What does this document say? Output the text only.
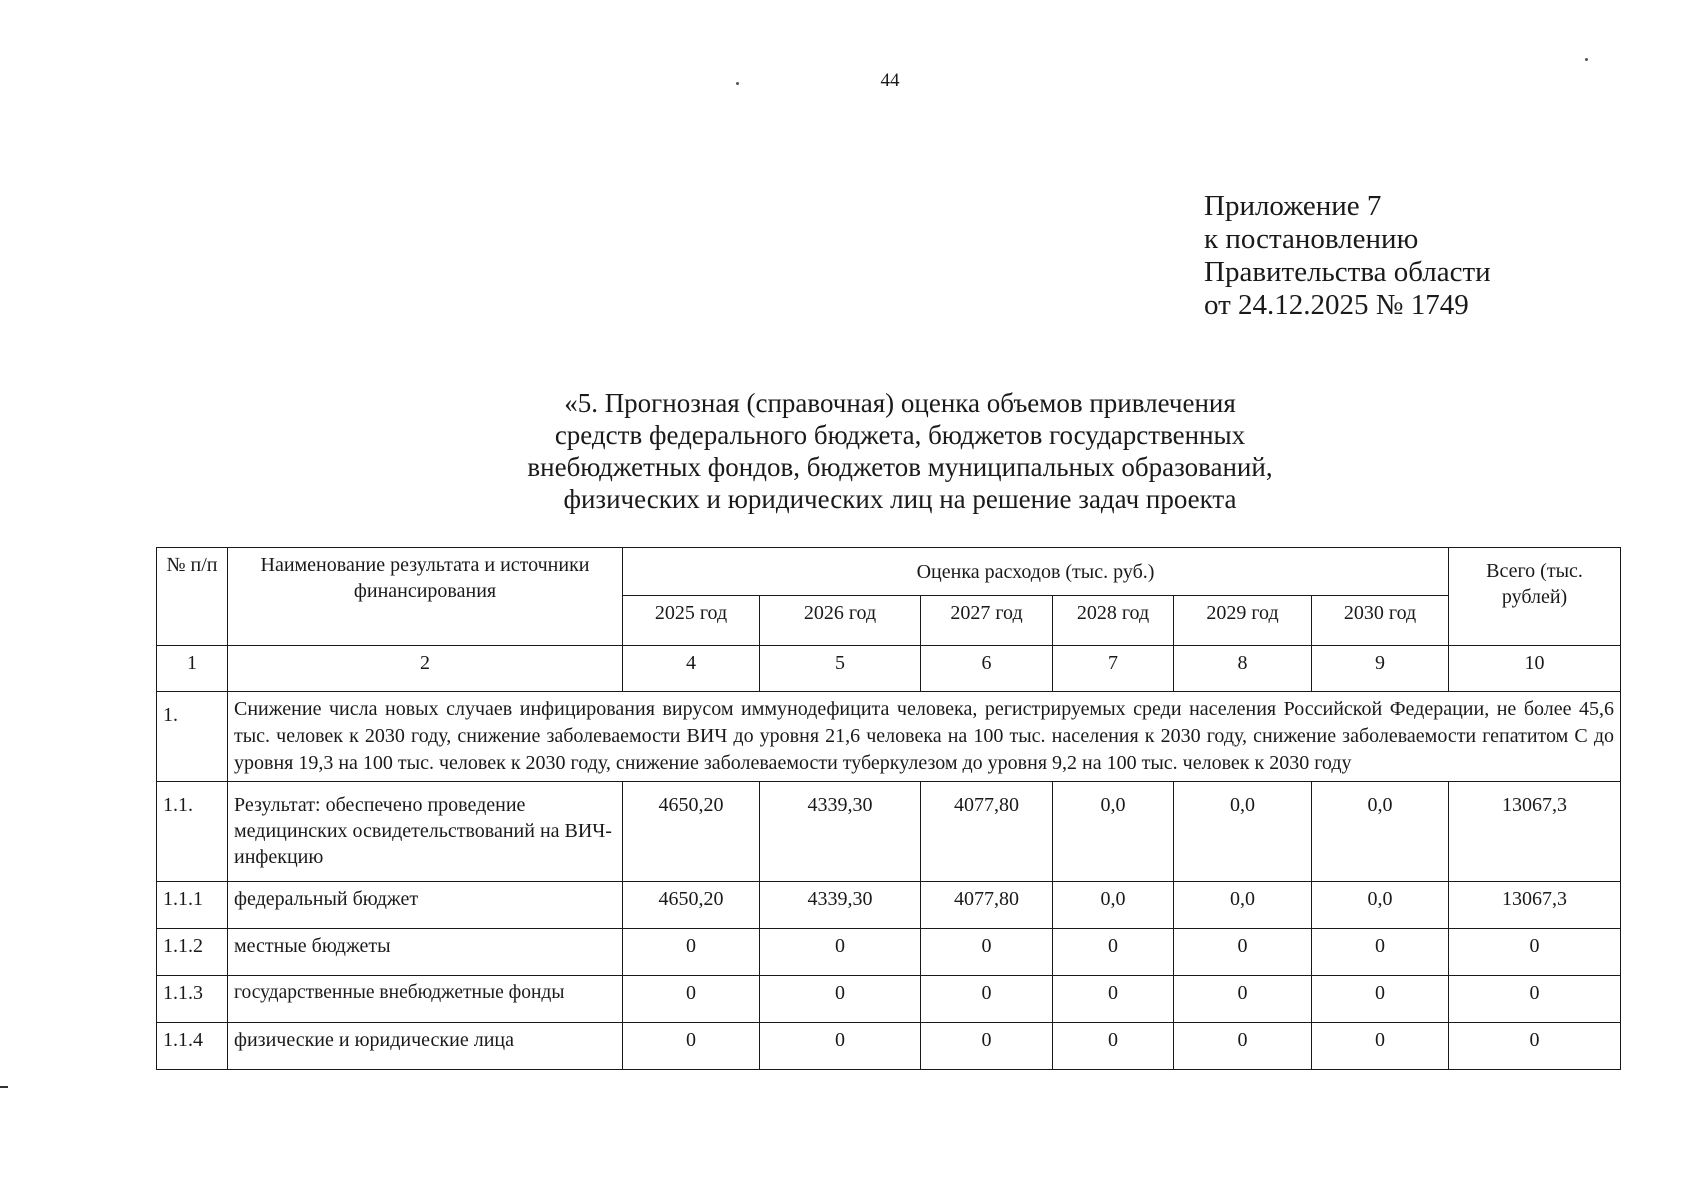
44
Приложение 7
к постановлению
Правительства области
от 24.12.2025 № 1749
«5. Прогнозная (справочная) оценка объемов привлечения
средств федерального бюджета, бюджетов государственных
внебюджетных фондов, бюджетов муниципальных образований,
физических и юридических лиц на решение задач проекта
№ п/п	Наименование результата и источники финансирования	Оценка расходов (тыс. руб.)						Всего (тыс. рублей)
		2025 год	2026 год	2027 год	2028 год	2029 год	2030 год	
1	2	4	5	6	7	8	9	10
1.	Снижение числа новых случаев инфицирования вирусом иммунодефицита человека, регистрируемых среди населения Российской Федерации, не более 45,6 тыс. человек к 2030 году, снижение заболеваемости ВИЧ до уровня 21,6 человека на 100 тыс. населения к 2030 году, снижение заболеваемости гепатитом С до уровня 19,3 на 100 тыс. человек к 2030 году, снижение заболеваемости туберкулезом до уровня 9,2 на 100 тыс. человек к 2030 году							
1.1.	Результат: обеспечено проведение медицинских освидетельствований на ВИЧ-инфекцию	4650,20	4339,30	4077,80	0,0	0,0	0,0	13067,3
1.1.1	федеральный бюджет	4650,20	4339,30	4077,80	0,0	0,0	0,0	13067,3
1.1.2	местные бюджеты	0	0	0	0	0	0	0
1.1.3	государственные внебюджетные фонды	0	0	0	0	0	0	0
1.1.4	физические и юридические лица	0	0	0	0	0	0	0
